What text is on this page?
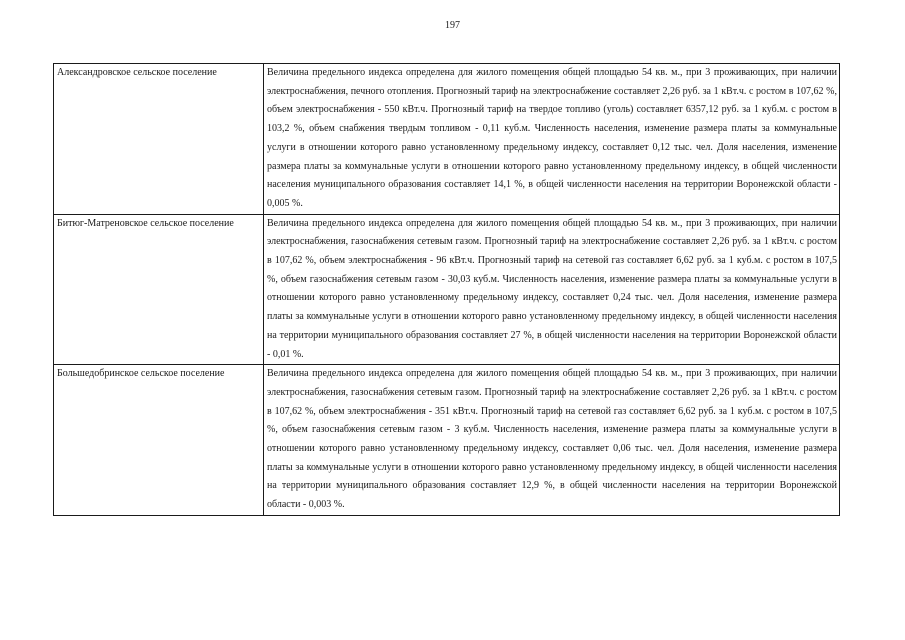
197
Александровское сельское поселение	Величина предельного индекса определена для жилого помещения общей площадью 54 кв. м., при 3 проживающих, при наличии электроснабжения, печного отопления. Прогнозный тариф на электроснабжение составляет 2,26 руб. за 1 кВт.ч. с ростом в 107,62 %, объем электроснабжения - 550 кВт.ч. Прогнозный тариф на твердое топливо (уголь) составляет 6357,12 руб. за 1 куб.м. с ростом в 103,2 %, объем снабжения твердым топливом - 0,11 куб.м. Численность населения, изменение размера платы за коммунальные услуги в отношении которого равно установленному предельному индексу, составляет 0,12 тыс. чел. Доля населения, изменение размера платы за коммунальные услуги в отношении которого равно установленному предельному индексу, в общей численности населения муниципального образования составляет 14,1 %, в общей численности населения на территории Воронежской области - 0,005 %.

Битюг-Матреновское сельское поселение	Величина предельного индекса определена для жилого помещения общей площадью 54 кв. м., при 3 проживающих, при наличии электроснабжения, газоснабжения сетевым газом. Прогнозный тариф на электроснабжение составляет 2,26 руб. за 1 кВт.ч. с ростом в 107,62 %, объем электроснабжения - 96 кВт.ч. Прогнозный тариф на сетевой газ составляет 6,62 руб. за 1 куб.м. с ростом в 107,5 %, объем газоснабжения сетевым газом - 30,03 куб.м. Численность населения, изменение размера платы за коммунальные услуги в отношении которого равно установленному предельному индексу, составляет 0,24 тыс. чел. Доля населения, изменение размера платы за коммунальные услуги в отношении которого равно установленному предельному индексу, в общей численности населения на территории муниципального образования составляет 27 %, в общей численности населения на территории Воронежской области - 0,01 %.

Большедобринское сельское поселение	Величина предельного индекса определена для жилого помещения общей площадью 54 кв. м., при 3 проживающих, при наличии электроснабжения, газоснабжения сетевым газом. Прогнозный тариф на электроснабжение составляет 2,26 руб. за 1 кВт.ч. с ростом в 107,62 %, объем электроснабжения - 351 кВт.ч. Прогнозный тариф на сетевой газ составляет 6,62 руб. за 1 куб.м. с ростом в 107,5 %, объем газоснабжения сетевым газом - 3 куб.м. Численность населения, изменение размера платы за коммунальные услуги в отношении которого равно установленному предельному индексу, составляет 0,06 тыс. чел. Доля населения, изменение размера платы за коммунальные услуги в отношении которого равно установленному предельному индексу, в общей численности населения на территории муниципального образования составляет 12,9 %, в общей численности населения на территории Воронежской области - 0,003 %.
